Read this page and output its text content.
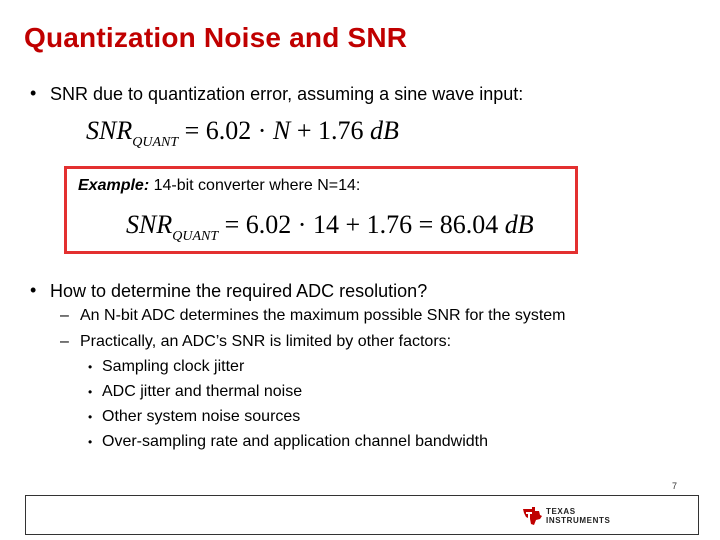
Quantization Noise and SNR
• SNR due to quantization error, assuming a sine wave input:
$SNR_{QUANT} = 6.02 \cdot N + 1.76$ dB
Example: 14-bit converter where N=14:
$SNR_{QUANT} = 6.02 \cdot 14 + 1.76 = 86.04$ dB
• How to determine the required ADC resolution?
– An N-bit ADC determines the maximum possible SNR for the system
– Practically, an ADC’s SNR is limited by other factors:
• Sampling clock jitter
• ADC jitter and thermal noise
• Other system noise sources
• Over-sampling rate and application channel bandwidth
7
TEXAS
INSTRUMENTS
